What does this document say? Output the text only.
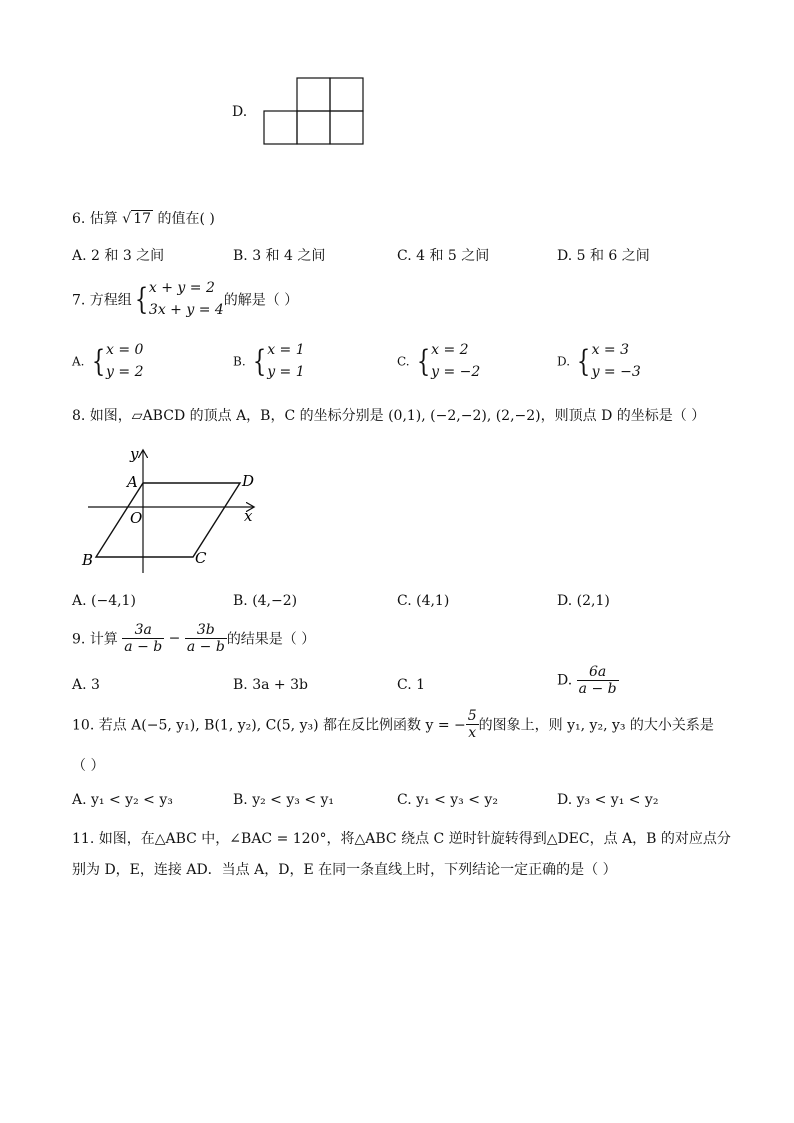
D.
6. 估算 √ 17 的值在( )
A. 2 和 3 之间	B. 3 和 4 之间	C. 4 和 5 之间	D. 5 和 6 之间
7. 方程组{ x + y = 2
3x + y = 4
的解是（ ）
A. { x = 0
y = 2
B. { x = 1
y = 1
C. { x = 2
y = −2
D. { x = 3
y = −3
8. 如图，▱ABCD 的顶点 A，B，C 的坐标分别是 (0,1), (−2,−2), (2,−2)，则顶点 D 的坐标是（ ）
y
x
A	D
O
B	C
A. (−4,1)	B. (4,−2)	C. (4,1)	D. (2,1)
9. 计算 $\frac{3a}{a - b} - \frac{3b}{a - b}$ 的结果是（ ）
A. 3	B. 3a + 3b	C. 1	D. $\frac{6a}{a - b}$
10. 若点 A(−5, y₁), B(1, y₂), C(5, y₃) 都在反比例函数 y = − $\frac{5}{x}$ 的图象上，则 y₁, y₂, y₃ 的大小关系是
（ ）
A. y₁ < y₂ < y₃	B. y₂ < y₃ < y₁	C. y₁ < y₃ < y₂	D. y₃ < y₁ < y₂
11. 如图，在△ABC 中，∠BAC = 120°，将△ABC 绕点 C 逆时针旋转得到△DEC，点 A，B 的对应点分
别为 D，E，连接 AD．当点 A，D，E 在同一条直线上时，下列结论一定正确的是（ ）
